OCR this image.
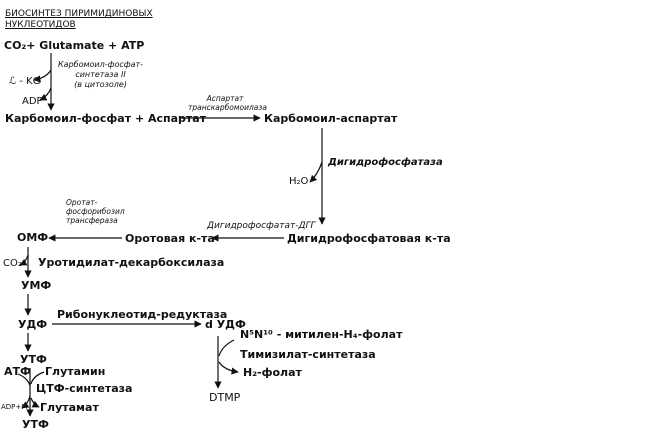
БИОСИНТЕЗ ПИРИМИДИНОВЫХ НУКЛЕОТИДОВ
CO₂+ Glutamate + ATP
ℒ - KG
ADP
Карбомоил-фосфат-
синтетаза II
(в цитозоле)
Карбомоил-фосфат + Аспартат
Аспартат
транскарбомоилаза
Карбомоил-аспартат
Дигидрофосфатаза
H₂O
Дигидрофосфатат-ДГГ
Дигидрофосфатовая к-та
Оротовая к-та
Оротат-
фосфорибозил
трансфераза
ОМФ
CO₂ Уротидилат-декарбоксилаза
УМФ
УДФ
Рибонуклеотид-редуктаза
d УДФ
N⁵N¹⁰ - митилен-H₄-фолат
Тимизилат-синтетаза
H₂-фолат
DTMP
УТФ
АТФ Глутамин
ЦТФ-синтетаза
ADP+Pi Глутамат
УТФ
